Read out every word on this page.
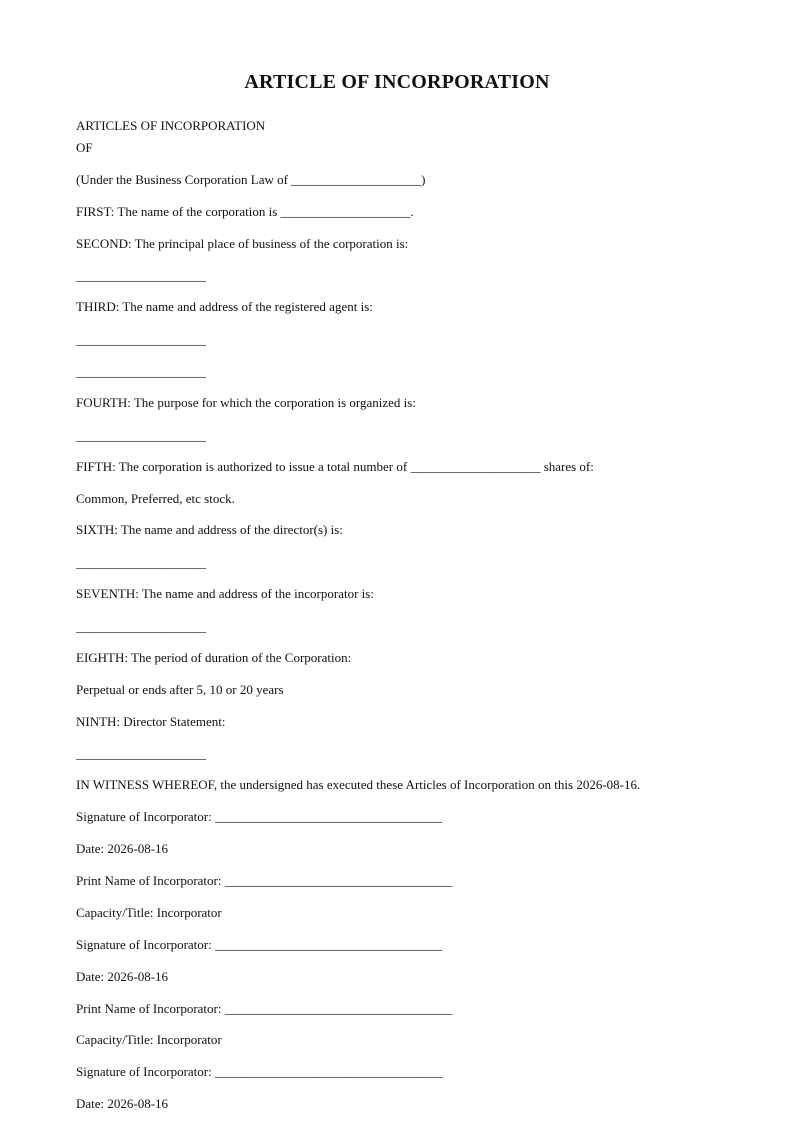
ARTICLE OF INCORPORATION
ARTICLES OF INCORPORATION
OF
(Under the Business Corporation Law of ____________________)
FIRST: The name of the corporation is ____________________.
SECOND: The principal place of business of the corporation is:
____________________
THIRD: The name and address of the registered agent is:
____________________
____________________
FOURTH: The purpose for which the corporation is organized is:
____________________
FIFTH: The corporation is authorized to issue a total number of ____________________ shares of:
Common, Preferred, etc stock.
SIXTH: The name and address of the director(s) is:
____________________
SEVENTH: The name and address of the incorporator is:
____________________
EIGHTH: The period of duration of the Corporation:
Perpetual or ends after 5, 10 or 20 years
NINTH: Director Statement:
____________________
IN WITNESS WHEREOF, the undersigned has executed these Articles of Incorporation on this 2026-08-16.
Signature of Incorporator: ___________________________________
Date: 2026-08-16
Print Name of Incorporator: ___________________________________
Capacity/Title: Incorporator
Signature of Incorporator: ___________________________________
Date: 2026-08-16
Print Name of Incorporator: ___________________________________
Capacity/Title: Incorporator
Signature of Incorporator: ___________________________________
Date: 2026-08-16
